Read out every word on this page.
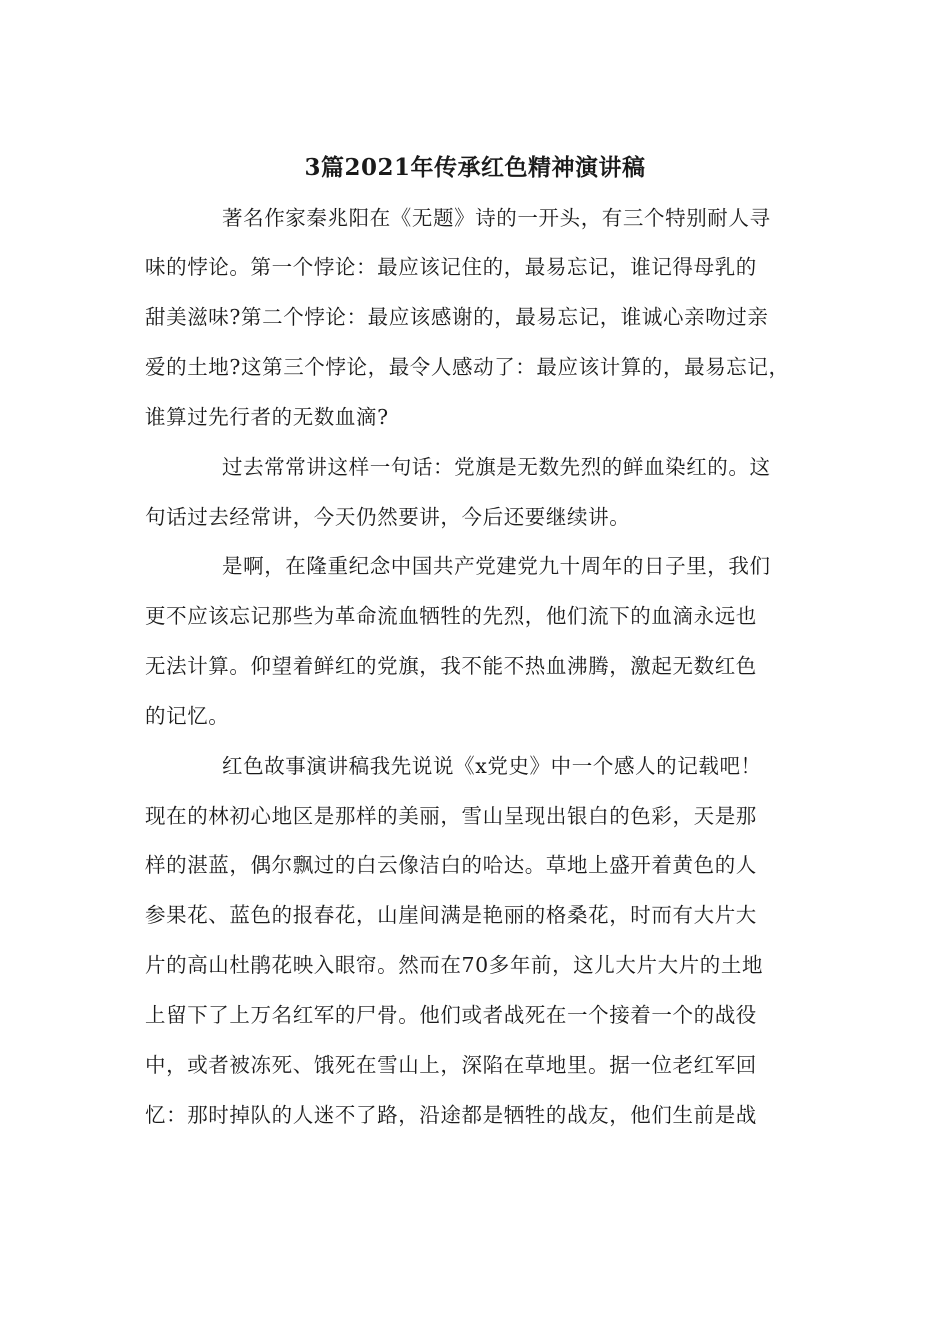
3篇2021年传承红色精神演讲稿
著名作家秦兆阳在《无题》诗的一开头，有三个特别耐人寻
味的悖论。第一个悖论：最应该记住的，最易忘记，谁记得母乳的
甜美滋味?第二个悖论：最应该感谢的，最易忘记，谁诚心亲吻过亲
爱的土地?这第三个悖论，最令人感动了：最应该计算的，最易忘记，
谁算过先行者的无数血滴?
过去常常讲这样一句话：党旗是无数先烈的鲜血染红的。这
句话过去经常讲，今天仍然要讲，今后还要继续讲。
是啊，在隆重纪念中国共产党建党九十周年的日子里，我们
更不应该忘记那些为革命流血牺牲的先烈，他们流下的血滴永远也
无法计算。仰望着鲜红的党旗，我不能不热血沸腾，激起无数红色
的记忆。
红色故事演讲稿我先说说《x党史》中一个感人的记载吧！
现在的林初心地区是那样的美丽，雪山呈现出银白的色彩，天是那
样的湛蓝，偶尔飘过的白云像洁白的哈达。草地上盛开着黄色的人
参果花、蓝色的报春花，山崖间满是艳丽的格桑花，时而有大片大
片的高山杜鹃花映入眼帘。然而在70多年前，这儿大片大片的土地
上留下了上万名红军的尸骨。他们或者战死在一个接着一个的战役
中，或者被冻死、饿死在雪山上，深陷在草地里。据一位老红军回
忆：那时掉队的人迷不了路，沿途都是牺牲的战友，他们生前是战
